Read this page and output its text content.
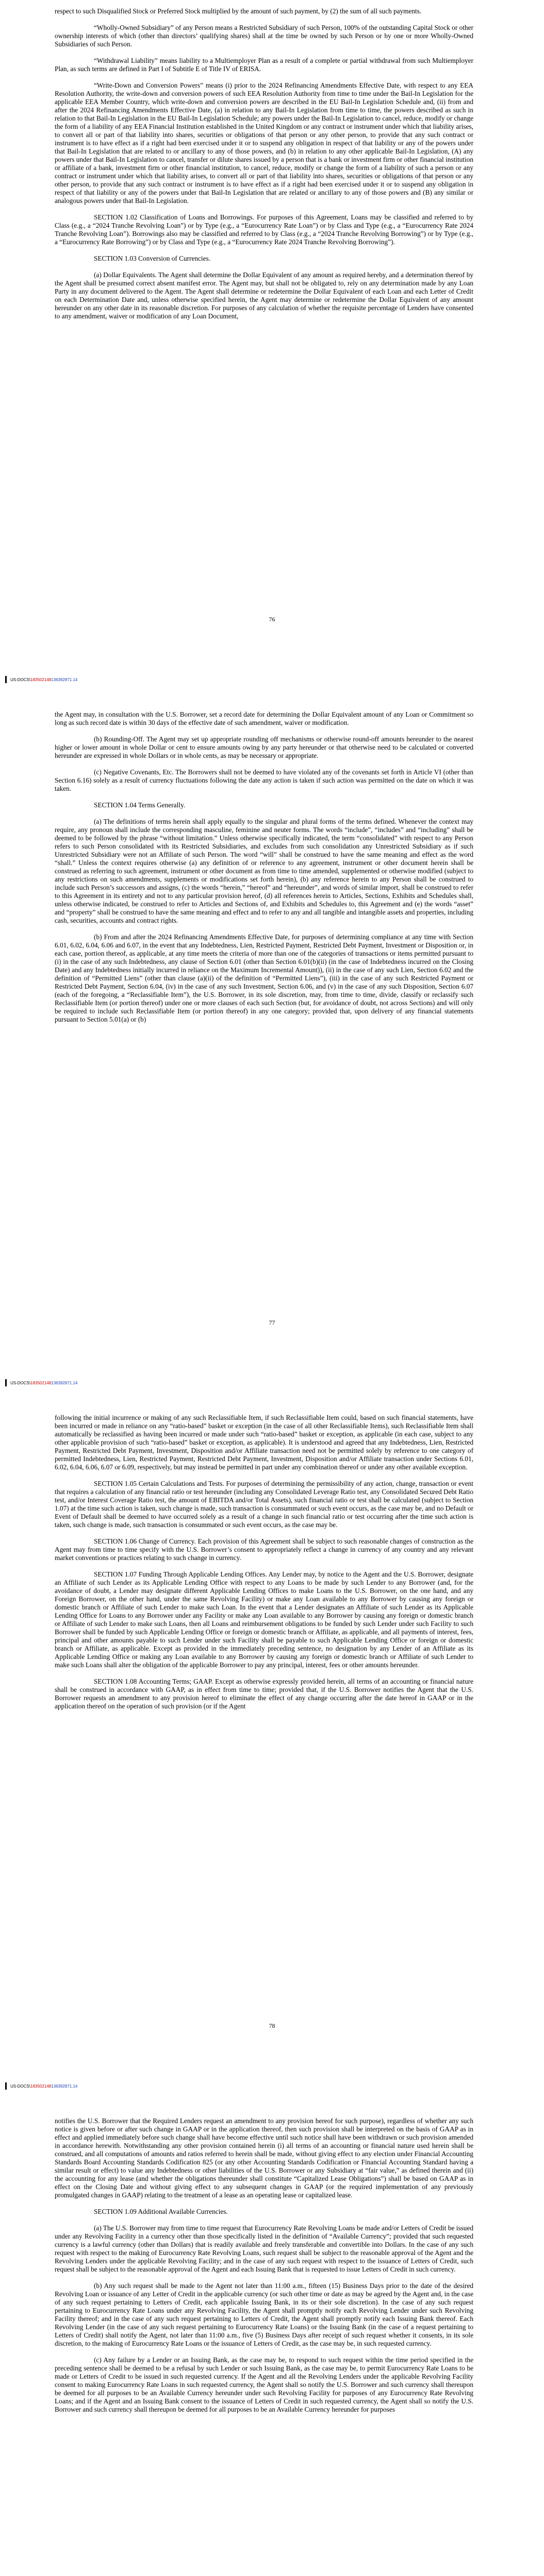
respect to such Disqualified Stock or Preferred Stock multiplied by the amount of such payment, by (2) the sum of all such payments.

“Wholly-Owned Subsidiary” of any Person means a Restricted Subsidiary of such Person, 100% of the outstanding Capital Stock or other ownership interests of which (other than directors’ qualifying shares) shall at the time be owned by such Person or by one or more Wholly-Owned Subsidiaries of such Person.

“Withdrawal Liability” means liability to a Multiemployer Plan as a result of a complete or partial withdrawal from such Multiemployer Plan, as such terms are defined in Part I of Subtitle E of Title IV of ERISA.

“Write-Down and Conversion Powers” means (i) prior to the 2024 Refinancing Amendments Effective Date, with respect to any EEA Resolution Authority, the write-down and conversion powers of such EEA Resolution Authority from time to time under the Bail-In Legislation for the applicable EEA Member Country, which write-down and conversion powers are described in the EU Bail-In Legislation Schedule and, (ii) from and after the 2024 Refinancing Amendments Effective Date, (a) in relation to any Bail-In Legislation from time to time, the powers described as such in relation to that Bail-In Legislation in the EU Bail-In Legislation Schedule; any powers under the Bail-In Legislation to cancel, reduce, modify or change the form of a liability of any EEA Financial Institution established in the United Kingdom or any contract or instrument under which that liability arises, to convert all or part of that liability into shares, securities or obligations of that person or any other person, to provide that any such contract or instrument is to have effect as if a right had been exercised under it or to suspend any obligation in respect of that liability or any of the powers under that Bail-In Legislation that are related to or ancillary to any of those powers, and (b) in relation to any other applicable Bail-In Legislation, (A) any powers under that Bail-In Legislation to cancel, transfer or dilute shares issued by a person that is a bank or investment firm or other financial institution or affiliate of a bank, investment firm or other financial institution, to cancel, reduce, modify or change the form of a liability of such a person or any contract or instrument under which that liability arises, to convert all or part of that liability into shares, securities or obligations of that person or any other person, to provide that any such contract or instrument is to have effect as if a right had been exercised under it or to suspend any obligation in respect of that liability or any of the powers under that Bail-In Legislation that are related or ancillary to any of those powers and (B) any similar or analogous powers under that Bail-In Legislation.

SECTION 1.02 Classification of Loans and Borrowings. For purposes of this Agreement, Loans may be classified and referred to by Class (e.g., a “2024 Tranche Revolving Loan”) or by Type (e.g., a “Eurocurrency Rate Loan”) or by Class and Type (e.g., a “Eurocurrency Rate 2024 Tranche Revolving Loan”). Borrowings also may be classified and referred to by Class (e.g., a “2024 Tranche Revolving Borrowing”) or by Type (e.g., a “Eurocurrency Rate Borrowing”) or by Class and Type (e.g., a “Eurocurrency Rate 2024 Tranche Revolving Borrowing”).

SECTION 1.03 Conversion of Currencies.

(a) Dollar Equivalents. The Agent shall determine the Dollar Equivalent of any amount as required hereby, and a determination thereof by the Agent shall be presumed correct absent manifest error. The Agent may, but shall not be obligated to, rely on any determination made by any Loan Party in any document delivered to the Agent. The Agent shall determine or redetermine the Dollar Equivalent of each Loan and each Letter of Credit on each Determination Date and, unless otherwise specified herein, the Agent may determine or redetermine the Dollar Equivalent of any amount hereunder on any other date in its reasonable discretion. For purposes of any calculation of whether the requisite percentage of Lenders have consented to any amendment, waiver or modification of any Loan Document,

76
US-DOCS\183502148136392871.14

the Agent may, in consultation with the U.S. Borrower, set a record date for determining the Dollar Equivalent amount of any Loan or Commitment so long as such record date is within 30 days of the effective date of such amendment, waiver or modification.

(b) Rounding-Off. The Agent may set up appropriate rounding off mechanisms or otherwise round-off amounts hereunder to the nearest higher or lower amount in whole Dollar or cent to ensure amounts owing by any party hereunder or that otherwise need to be calculated or converted hereunder are expressed in whole Dollars or in whole cents, as may be necessary or appropriate.

(c) Negative Covenants, Etc. The Borrowers shall not be deemed to have violated any of the covenants set forth in Article VI (other than Section 6.16) solely as a result of currency fluctuations following the date any action is taken if such action was permitted on the date on which it was taken.

SECTION 1.04 Terms Generally.

(a) The definitions of terms herein shall apply equally to the singular and plural forms of the terms defined. Whenever the context may require, any pronoun shall include the corresponding masculine, feminine and neuter forms. The words “include”, “includes” and “including” shall be deemed to be followed by the phrase “without limitation.” Unless otherwise specifically indicated, the term “consolidated” with respect to any Person refers to such Person consolidated with its Restricted Subsidiaries, and excludes from such consolidation any Unrestricted Subsidiary as if such Unrestricted Subsidiary were not an Affiliate of such Person. The word “will” shall be construed to have the same meaning and effect as the word “shall.” Unless the context requires otherwise (a) any definition of or reference to any agreement, instrument or other document herein shall be construed as referring to such agreement, instrument or other document as from time to time amended, supplemented or otherwise modified (subject to any restrictions on such amendments, supplements or modifications set forth herein), (b) any reference herein to any Person shall be construed to include such Person’s successors and assigns, (c) the words “herein,” “hereof” and “hereunder”, and words of similar import, shall be construed to refer to this Agreement in its entirety and not to any particular provision hereof, (d) all references herein to Articles, Sections, Exhibits and Schedules shall, unless otherwise indicated, be construed to refer to Articles and Sections of, and Exhibits and Schedules to, this Agreement and (e) the words “asset” and “property” shall be construed to have the same meaning and effect and to refer to any and all tangible and intangible assets and properties, including cash, securities, accounts and contract rights.

(b) From and after the 2024 Refinancing Amendments Effective Date, for purposes of determining compliance at any time with Section 6.01, 6.02, 6.04, 6.06 and 6.07, in the event that any Indebtedness, Lien, Restricted Payment, Restricted Debt Payment, Investment or Disposition or, in each case, portion thereof, as applicable, at any time meets the criteria of more than one of the categories of transactions or items permitted pursuant to (i) in the case of any such Indebtedness, any clause of Section 6.01 (other than Section 6.01(b)(ii) (in the case of Indebtedness incurred on the Closing Date) and any Indebtedness initially incurred in reliance on the Maximum Incremental Amount)), (ii) in the case of any such Lien, Section 6.02 and the definition of “Permitted Liens” (other than clause (a)(ii) of the definition of “Permitted Liens”), (iii) in the case of any such Restricted Payment or Restricted Debt Payment, Section 6.04, (iv) in the case of any such Investment, Section 6.06, and (v) in the case of any such Disposition, Section 6.07 (each of the foregoing, a “Reclassifiable Item”), the U.S. Borrower, in its sole discretion, may, from time to time, divide, classify or reclassify such Reclassifiable Item (or portion thereof) under one or more clauses of each such Section (but, for avoidance of doubt, not across Sections) and will only be required to include such Reclassifiable Item (or portion thereof) in any one category; provided that, upon delivery of any financial statements pursuant to Section 5.01(a) or (b)

77
US-DOCS\183502148136392871.14

following the initial incurrence or making of any such Reclassifiable Item, if such Reclassifiable Item could, based on such financial statements, have been incurred or made in reliance on any “ratio-based” basket or exception (in the case of all other Reclassifiable Items), such Reclassifiable Item shall automatically be reclassified as having been incurred or made under such “ratio-based” basket or exception, as applicable (in each case, subject to any other applicable provision of such “ratio-based” basket or exception, as applicable). It is understood and agreed that any Indebtedness, Lien, Restricted Payment, Restricted Debt Payment, Investment, Disposition and/or Affiliate transaction need not be permitted solely by reference to one category of permitted Indebtedness, Lien, Restricted Payment, Restricted Debt Payment, Investment, Disposition and/or Affiliate transaction under Sections 6.01, 6.02, 6.04, 6.06, 6.07 or 6.09, respectively, but may instead be permitted in part under any combination thereof or under any other available exception.

SECTION 1.05 Certain Calculations and Tests. For purposes of determining the permissibility of any action, change, transaction or event that requires a calculation of any financial ratio or test hereunder (including any Consolidated Leverage Ratio test, any Consolidated Secured Debt Ratio test, and/or Interest Coverage Ratio test, the amount of EBITDA and/or Total Assets), such financial ratio or test shall be calculated (subject to Section 1.07) at the time such action is taken, such change is made, such transaction is consummated or such event occurs, as the case may be, and no Default or Event of Default shall be deemed to have occurred solely as a result of a change in such financial ratio or test occurring after the time such action is taken, such change is made, such transaction is consummated or such event occurs, as the case may be.

SECTION 1.06 Change of Currency. Each provision of this Agreement shall be subject to such reasonable changes of construction as the Agent may from time to time specify with the U.S. Borrower’s consent to appropriately reflect a change in currency of any country and any relevant market conventions or practices relating to such change in currency.

SECTION 1.07 Funding Through Applicable Lending Offices. Any Lender may, by notice to the Agent and the U.S. Borrower, designate an Affiliate of such Lender as its Applicable Lending Office with respect to any Loans to be made by such Lender to any Borrower (and, for the avoidance of doubt, a Lender may designate different Applicable Lending Offices to make Loans to the U.S. Borrower, on the one hand, and any Foreign Borrower, on the other hand, under the same Revolving Facility) or make any Loan available to any Borrower by causing any foreign or domestic branch or Affiliate of such Lender to make such Loan. In the event that a Lender designates an Affiliate of such Lender as its Applicable Lending Office for Loans to any Borrower under any Facility or make any Loan available to any Borrower by causing any foreign or domestic branch or Affiliate of such Lender to make such Loans, then all Loans and reimbursement obligations to be funded by such Lender under such Facility to such Borrower shall be funded by such Applicable Lending Office or foreign or domestic branch or Affiliate, as applicable, and all payments of interest, fees, principal and other amounts payable to such Lender under such Facility shall be payable to such Applicable Lending Office or foreign or domestic branch or Affiliate, as applicable. Except as provided in the immediately preceding sentence, no designation by any Lender of an Affiliate as its Applicable Lending Office or making any Loan available to any Borrower by causing any foreign or domestic branch or Affiliate of such Lender to make such Loans shall alter the obligation of the applicable Borrower to pay any principal, interest, fees or other amounts hereunder.

SECTION 1.08 Accounting Terms; GAAP. Except as otherwise expressly provided herein, all terms of an accounting or financial nature shall be construed in accordance with GAAP, as in effect from time to time; provided that, if the U.S. Borrower notifies the Agent that the U.S. Borrower requests an amendment to any provision hereof to eliminate the effect of any change occurring after the date hereof in GAAP or in the application thereof on the operation of such provision (or if the Agent

78
US-DOCS\183502148136392871.14

notifies the U.S. Borrower that the Required Lenders request an amendment to any provision hereof for such purpose), regardless of whether any such notice is given before or after such change in GAAP or in the application thereof, then such provision shall be interpreted on the basis of GAAP as in effect and applied immediately before such change shall have become effective until such notice shall have been withdrawn or such provision amended in accordance herewith. Notwithstanding any other provision contained herein (i) all terms of an accounting or financial nature used herein shall be construed, and all computations of amounts and ratios referred to herein shall be made, without giving effect to any election under Financial Accounting Standards Board Accounting Standards Codification 825 (or any other Accounting Standards Codification or Financial Accounting Standard having a similar result or effect) to value any Indebtedness or other liabilities of the U.S. Borrower or any Subsidiary at “fair value,” as defined therein and (ii) the accounting for any lease (and whether the obligations thereunder shall constitute “Capitalized Lease Obligations”) shall be based on GAAP as in effect on the Closing Date and without giving effect to any subsequent changes in GAAP (or the required implementation of any previously promulgated changes in GAAP) relating to the treatment of a lease as an operating lease or capitalized lease.

SECTION 1.09 Additional Available Currencies.

(a) The U.S. Borrower may from time to time request that Eurocurrency Rate Revolving Loans be made and/or Letters of Credit be issued under any Revolving Facility in a currency other than those specifically listed in the definition of “Available Currency”; provided that such requested currency is a lawful currency (other than Dollars) that is readily available and freely transferable and convertible into Dollars. In the case of any such request with respect to the making of Eurocurrency Rate Revolving Loans, such request shall be subject to the reasonable approval of the Agent and the Revolving Lenders under the applicable Revolving Facility; and in the case of any such request with respect to the issuance of Letters of Credit, such request shall be subject to the reasonable approval of the Agent and each Issuing Bank that is requested to issue Letters of Credit in such currency.

(b) Any such request shall be made to the Agent not later than 11:00 a.m., fifteen (15) Business Days prior to the date of the desired Revolving Loan or issuance of any Letter of Credit in the applicable currency (or such other time or date as may be agreed by the Agent and, in the case of any such request pertaining to Letters of Credit, each applicable Issuing Bank, in its or their sole discretion). In the case of any such request pertaining to Eurocurrency Rate Loans under any Revolving Facility, the Agent shall promptly notify each Revolving Lender under such Revolving Facility thereof; and in the case of any such request pertaining to Letters of Credit, the Agent shall promptly notify each Issuing Bank thereof. Each Revolving Lender (in the case of any such request pertaining to Eurocurrency Rate Loans) or the Issuing Bank (in the case of a request pertaining to Letters of Credit) shall notify the Agent, not later than 11:00 a.m., five (5) Business Days after receipt of such request whether it consents, in its sole discretion, to the making of Eurocurrency Rate Loans or the issuance of Letters of Credit, as the case may be, in such requested currency.

(c) Any failure by a Lender or an Issuing Bank, as the case may be, to respond to such request within the time period specified in the preceding sentence shall be deemed to be a refusal by such Lender or such Issuing Bank, as the case may be, to permit Eurocurrency Rate Loans to be made or Letters of Credit to be issued in such requested currency. If the Agent and all the Revolving Lenders under the applicable Revolving Facility consent to making Eurocurrency Rate Loans in such requested currency, the Agent shall so notify the U.S. Borrower and such currency shall thereupon be deemed for all purposes to be an Available Currency hereunder under such Revolving Facility for purposes of any Eurocurrency Rate Revolving Loans; and if the Agent and an Issuing Bank consent to the issuance of Letters of Credit in such requested currency, the Agent shall so notify the U.S. Borrower and such currency shall thereupon be deemed for all purposes to be an Available Currency hereunder for purposes
